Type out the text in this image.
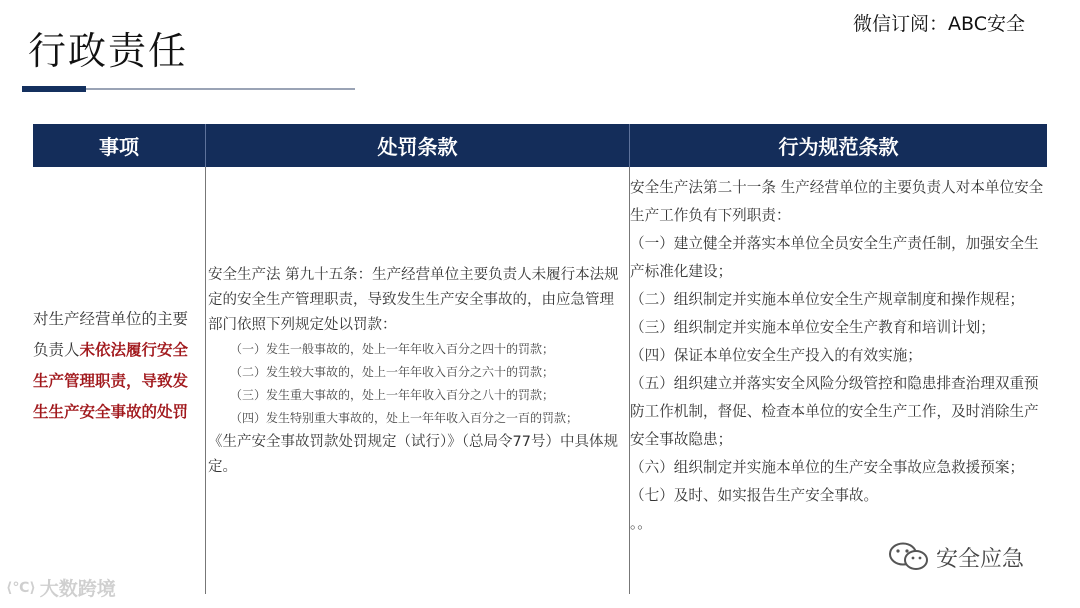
行政责任
微信订阅：ABC安全
事项	处罚条款	行为规范条款
对生产经营单位的主要负责人未依法履行安全生产管理职责，导致发生生产安全事故的处罚
安全生产法 第九十五条：生产经营单位主要负责人未履行本法规定的安全生产管理职责，导致发生生产安全事故的，由应急管理部门依照下列规定处以罚款：
（一）发生一般事故的，处上一年年收入百分之四十的罚款；
（二）发生较大事故的，处上一年年收入百分之六十的罚款；
（三）发生重大事故的，处上一年年收入百分之八十的罚款；
（四）发生特别重大事故的，处上一年年收入百分之一百的罚款；
《生产安全事故罚款处罚规定（试行）》（总局令77号）中具体规定。
安全生产法第二十一条 生产经营单位的主要负责人对本单位安全生产工作负有下列职责：
（一）建立健全并落实本单位全员安全生产责任制，加强安全生产标准化建设；
（二）组织制定并实施本单位安全生产规章制度和操作规程；
（三）组织制定并实施本单位安全生产教育和培训计划；
（四）保证本单位安全生产投入的有效实施；
（五）组织建立并落实安全风险分级管控和隐患排查治理双重预防工作机制，督促、检查本单位的安全生产工作，及时消除生产安全事故隐患；
（六）组织制定并实施本单位的生产安全事故应急救援预案；
（七）及时、如实报告生产安全事故。
。。
安全应急
⟨℃⟩ 大数跨境
